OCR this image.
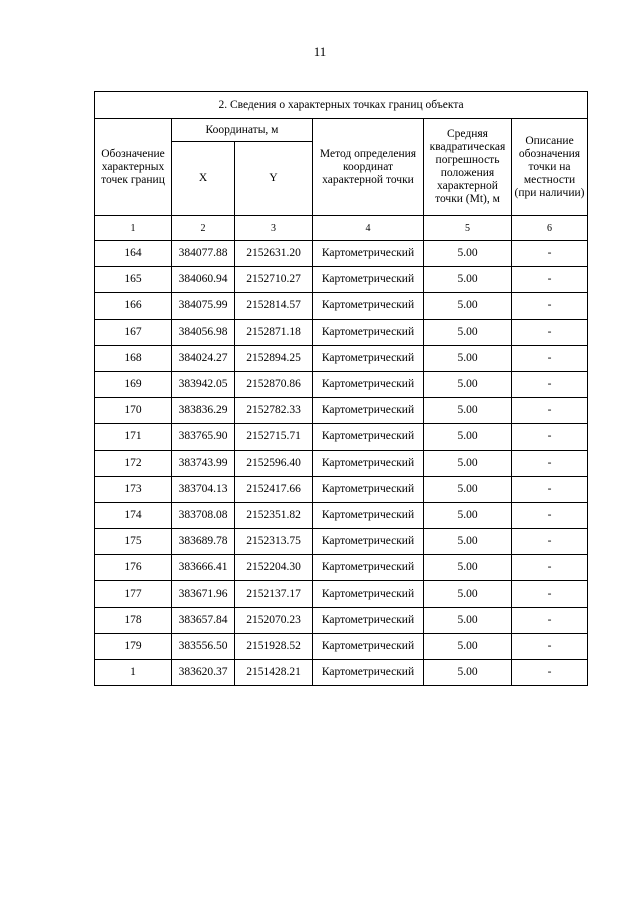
11
2. Сведения о характерных точках границ объекта					
Обозначение характерных точек границ	Координаты, м		Метод определения координат характерной точки	Средняя квадратическая погрешность положения характерной точки (Mt), м	Описание обозначения точки на местности (при наличии)
	X	Y			
1	2	3	4	5	6
164	384077.88	2152631.20	Картометрический	5.00	-
165	384060.94	2152710.27	Картометрический	5.00	-
166	384075.99	2152814.57	Картометрический	5.00	-
167	384056.98	2152871.18	Картометрический	5.00	-
168	384024.27	2152894.25	Картометрический	5.00	-
169	383942.05	2152870.86	Картометрический	5.00	-
170	383836.29	2152782.33	Картометрический	5.00	-
171	383765.90	2152715.71	Картометрический	5.00	-
172	383743.99	2152596.40	Картометрический	5.00	-
173	383704.13	2152417.66	Картометрический	5.00	-
174	383708.08	2152351.82	Картометрический	5.00	-
175	383689.78	2152313.75	Картометрический	5.00	-
176	383666.41	2152204.30	Картометрический	5.00	-
177	383671.96	2152137.17	Картометрический	5.00	-
178	383657.84	2152070.23	Картометрический	5.00	-
179	383556.50	2151928.52	Картометрический	5.00	-
1	383620.37	2151428.21	Картометрический	5.00	-
